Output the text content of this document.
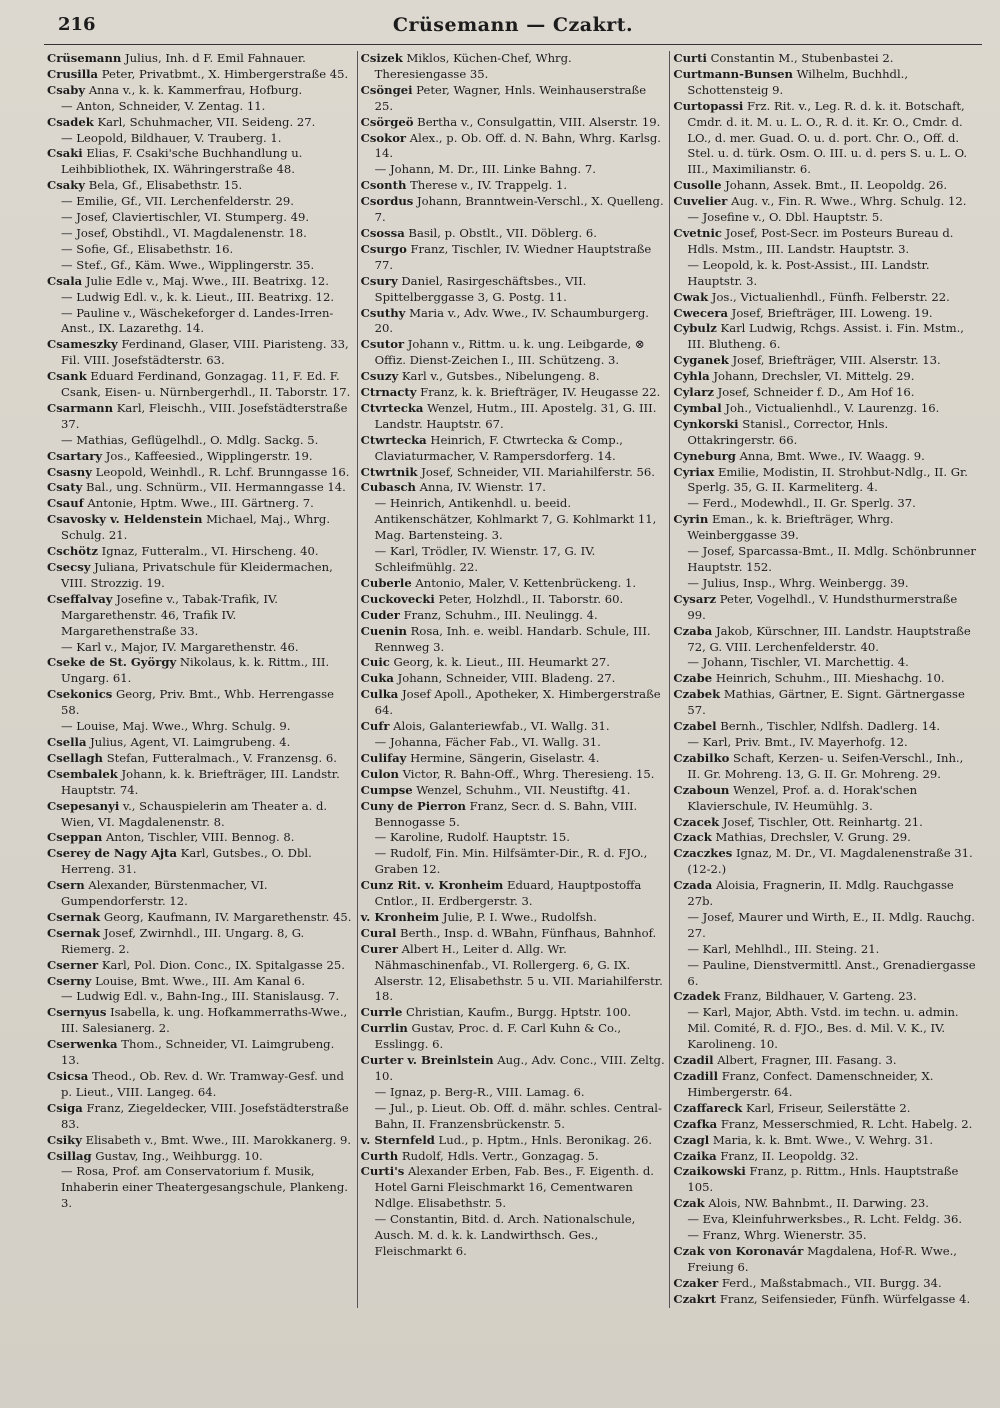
216	Crüsemann — Czakrt.

Crüsemann Julius, Inh. d F. Emil Fahnauer.

Crusilla Peter, Privatbmt., X. Himbergerstraße 45.

Csaby Anna v., k. k. Kammerfrau, Hofburg.

— Anton, Schneider, V. Zentag. 11.

Csadek Karl, Schuhmacher, VII. Seideng. 27.

— Leopold, Bildhauer, V. Trauberg. 1.

Csaki Elias, F. Csaki'sche Buchhandlung u. Leihbibliothek, IX. Währingerstraße 48.

Csaky Bela, Gf., Elisabethstr. 15.

— Emilie, Gf., VII. Lerchenfelderstr. 29.

— Josef, Claviertischler, VI. Stumperg. 49.

— Josef, Obstihdl., VI. Magdalenenstr. 18.

— Sofie, Gf., Elisabethstr. 16.

— Stef., Gf., Käm. Wwe., Wipplingerstr. 35.

Csala Julie Edle v., Maj. Wwe., III. Beatrixg. 12.

— Ludwig Edl. v., k. k. Lieut., III. Beatrixg. 12.

— Pauline v., Wäschekeforger d. Landes-Irren-Anst., IX. Lazarethg. 14.

Csameszky Ferdinand, Glaser, VIII. Piaristeng. 33, Fil. VIII. Josefstädterstr. 63.

Csank Eduard Ferdinand, Gonzagag. 11, F. Ed. F. Csank, Eisen- u. Nürnbergerhdl., II. Taborstr. 17.

Csarmann Karl, Fleischh., VIII. Josefstädterstraße 37.

— Mathias, Geflügelhdl., O. Mdlg. Sackg. 5.

Csartary Jos., Kaffeesied., Wipplingerstr. 19.

Csasny Leopold, Weinhdl., R. Lchf. Brunngasse 16.

Csaty Bal., ung. Schnürm., VII. Hermanngasse 14.

Csauf Antonie, Hptm. Wwe., III. Gärtnerg. 7.

Csavosky v. Heldenstein Michael, Maj., Whrg. Schulg. 21.

Cschötz Ignaz, Futteralm., VI. Hirscheng. 40.

Csecsy Juliana, Privatschule für Kleidermachen, VIII. Strozzig. 19.

Cseffalvay Josefine v., Tabak-Trafik, IV. Margarethenstr. 46, Trafik IV. Margarethenstraße 33.

— Karl v., Major, IV. Margarethenstr. 46.

Cseke de St. György Nikolaus, k. k. Rittm., III. Ungarg. 61.

Csekonics Georg, Priv. Bmt., Whb. Herrengasse 58.

— Louise, Maj. Wwe., Whrg. Schulg. 9.

Csella Julius, Agent, VI. Laimgrubeng. 4.

Csellagh Stefan, Futteralmach., V. Franzensg. 6.

Csembalek Johann, k. k. Briefträger, III. Landstr. Hauptstr. 74.

Csepesanyi v., Schauspielerin am Theater a. d. Wien, VI. Magdalenenstr. 8.

Cseppan Anton, Tischler, VIII. Bennog. 8.

Cserey de Nagy Ajta Karl, Gutsbes., O. Dbl. Herreng. 31.

Csern Alexander, Bürstenmacher, VI. Gumpendorferstr. 12.

Csernak Georg, Kaufmann, IV. Margarethenstr. 45.

Csernak Josef, Zwirnhdl., III. Ungarg. 8, G. Riemerg. 2.

Cserner Karl, Pol. Dion. Conc., IX. Spitalgasse 25.

Cserny Louise, Bmt. Wwe., III. Am Kanal 6.

— Ludwig Edl. v., Bahn-Ing., III. Stanislausg. 7.

Csernyus Isabella, k. ung. Hofkammerraths-Wwe., III. Salesianerg. 2.

Cserwenka Thom., Schneider, VI. Laimgrubeng. 13.

Csicsa Theod., Ob. Rev. d. Wr. Tramway-Gesf. und p. Lieut., VIII. Langeg. 64.

Csiga Franz, Ziegeldecker, VIII. Josefstädterstraße 83.

Csiky Elisabeth v., Bmt. Wwe., III. Marokkanerg. 9.

Csillag Gustav, Ing., Weihburgg. 10.

— Rosa, Prof. am Conservatorium f. Musik, Inhaberin einer Theatergesangschule, Plankeng. 3.

Csizek Miklos, Küchen-Chef, Whrg. Theresiengasse 35.

Csöngei Peter, Wagner, Hnls. Weinhauserstraße 25.

Csörgeö Bertha v., Consulgattin, VIII. Alserstr. 19.

Csokor Alex., p. Ob. Off. d. N. Bahn, Whrg. Karlsg. 14.

— Johann, M. Dr., III. Linke Bahng. 7.

Csonth Therese v., IV. Trappelg. 1.

Csordus Johann, Branntwein-Verschl., X. Quelleng. 7.

Csossa Basil, p. Obstlt., VII. Döblerg. 6.

Csurgo Franz, Tischler, IV. Wiedner Hauptstraße 77.

Csury Daniel, Rasirgeschäftsbes., VII. Spittelberggasse 3, G. Postg. 11.

Csuthy Maria v., Adv. Wwe., IV. Schaumburgerg. 20.

Csutor Johann v., Rittm. u. k. ung. Leibgarde, ⊗ Offiz. Dienst-Zeichen I., III. Schützeng. 3.

Csuzy Karl v., Gutsbes., Nibelungeng. 8.

Ctrnacty Franz, k. k. Briefträger, IV. Heugasse 22.

Ctvrtecka Wenzel, Hutm., III. Apostelg. 31, G. III. Landstr. Hauptstr. 67.

Ctwrtecka Heinrich, F. Ctwrtecka & Comp., Claviaturmacher, V. Rampersdorferg. 14.

Ctwrtnik Josef, Schneider, VII. Mariahilferstr. 56.

Cubasch Anna, IV. Wienstr. 17.

— Heinrich, Antikenhdl. u. beeid. Antikenschätzer, Kohlmarkt 7, G. Kohlmarkt 11, Mag. Bartensteing. 3.

— Karl, Trödler, IV. Wienstr. 17, G. IV. Schleifmühlg. 22.

Cuberle Antonio, Maler, V. Kettenbrückeng. 1.

Cuckovecki Peter, Holzhdl., II. Taborstr. 60.

Cuder Franz, Schuhm., III. Neulingg. 4.

Cuenin Rosa, Inh. e. weibl. Handarb. Schule, III. Rennweg 3.

Cuic Georg, k. k. Lieut., III. Heumarkt 27.

Cuka Johann, Schneider, VIII. Bladeng. 27.

Culka Josef Apoll., Apotheker, X. Himbergerstraße 64.

Cufr Alois, Galanteriewfab., VI. Wallg. 31.

— Johanna, Fächer Fab., VI. Wallg. 31.

Culifay Hermine, Sängerin, Giselastr. 4.

Culon Victor, R. Bahn-Off., Whrg. Theresieng. 15.

Cumpse Wenzel, Schuhm., VII. Neustiftg. 41.

Cuny de Pierron Franz, Secr. d. S. Bahn, VIII. Bennogasse 5.

— Karoline, Rudolf. Hauptstr. 15.

— Rudolf, Fin. Min. Hilfsämter-Dir., R. d. FJO., Graben 12.

Cunz Rit. v. Kronheim Eduard, Hauptpostoffa Cntlor., II. Erdbergerstr. 3.

v. Kronheim Julie, P. I. Wwe., Rudolfsh.

Cural Berth., Insp. d. WBahn, Fünfhaus, Bahnhof.

Curer Albert H., Leiter d. Allg. Wr. Nähmaschinenfab., VI. Rollergerg. 6, G. IX. Alserstr. 12, Elisabethstr. 5 u. VII. Mariahilferstr. 18.

Currle Christian, Kaufm., Burgg. Hptstr. 100.

Currlin Gustav, Proc. d. F. Carl Kuhn & Co., Esslingg. 6.

Curter v. Breinlstein Aug., Adv. Conc., VIII. Zeltg. 10.

— Ignaz, p. Berg-R., VIII. Lamag. 6.

— Jul., p. Lieut. Ob. Off. d. mähr. schles. Central-Bahn, II. Franzensbrückenstr. 5.

v. Sternfeld Lud., p. Hptm., Hnls. Beronikag. 26.

Curth Rudolf, Hdls. Vertr., Gonzagag. 5.

Curti's Alexander Erben, Fab. Bes., F. Eigenth. d. Hotel Garni Fleischmarkt 16, Cementwaren Ndlge. Elisabethstr. 5.

— Constantin, Bitd. d. Arch. Nationalschule, Ausch. M. d. k. k. Landwirthsch. Ges., Fleischmarkt 6.

Curti Constantin M., Stubenbastei 2.

Curtmann-Bunsen Wilhelm, Buchhdl., Schottensteig 9.

Curtopassi Frz. Rit. v., Leg. R. d. k. it. Botschaft, Cmdr. d. it. M. u. L. O., R. d. it. Kr. O., Cmdr. d. LO., d. mer. Guad. O. u. d. port. Chr. O., Off. d. Stel. u. d. türk. Osm. O. III. u. d. pers S. u. L. O. III., Maximilianstr. 6.

Cusolle Johann, Assek. Bmt., II. Leopoldg. 26.

Cuvelier Aug. v., Fin. R. Wwe., Whrg. Schulg. 12.

— Josefine v., O. Dbl. Hauptstr. 5.

Cvetnic Josef, Post-Secr. im Posteurs Bureau d. Hdls. Mstm., III. Landstr. Hauptstr. 3.

— Leopold, k. k. Post-Assist., III. Landstr. Hauptstr. 3.

Cwak Jos., Victualienhdl., Fünfh. Felberstr. 22.

Cwecera Josef, Briefträger, III. Loweng. 19.

Cybulz Karl Ludwig, Rchgs. Assist. i. Fin. Mstm., III. Blutheng. 6.

Cyganek Josef, Briefträger, VIII. Alserstr. 13.

Cyhla Johann, Drechsler, VI. Mittelg. 29.

Cylarz Josef, Schneider f. D., Am Hof 16.

Cymbal Joh., Victualienhdl., V. Laurenzg. 16.

Cynkorski Stanisl., Corrector, Hnls. Ottakringerstr. 66.

Cyneburg Anna, Bmt. Wwe., IV. Waagg. 9.

Cyriax Emilie, Modistin, II. Strohbut-Ndlg., II. Gr. Sperlg. 35, G. II. Karmeliterg. 4.

— Ferd., Modewhdl., II. Gr. Sperlg. 37.

Cyrin Eman., k. k. Briefträger, Whrg. Weinberggasse 39.

— Josef, Sparcassa-Bmt., II. Mdlg. Schönbrunner Hauptstr. 152.

— Julius, Insp., Whrg. Weinbergg. 39.

Cysarz Peter, Vogelhdl., V. Hundsthurmerstraße 99.

Czaba Jakob, Kürschner, III. Landstr. Hauptstraße 72, G. VIII. Lerchenfelderstr. 40.

— Johann, Tischler, VI. Marchettig. 4.

Czabe Heinrich, Schuhm., III. Mieshachg. 10.

Czabek Mathias, Gärtner, E. Signt. Gärtnergasse 57.

Czabel Bernh., Tischler, Ndlfsh. Dadlerg. 14.

— Karl, Priv. Bmt., IV. Mayerhofg. 12.

Czabilko Schaft, Kerzen- u. Seifen-Verschl., Inh., II. Gr. Mohreng. 13, G. II. Gr. Mohreng. 29.

Czaboun Wenzel, Prof. a. d. Horak'schen Klavierschule, IV. Heumühlg. 3.

Czacek Josef, Tischler, Ott. Reinhartg. 21.

Czack Mathias, Drechsler, V. Grung. 29.

Czaczkes Ignaz, M. Dr., VI. Magdalenenstraße 31. (12-2.)

Czada Aloisia, Fragnerin, II. Mdlg. Rauchgasse 27b.

— Josef, Maurer und Wirth, E., II. Mdlg. Rauchg. 27.

— Karl, Mehlhdl., III. Steing. 21.

— Pauline, Dienstvermittl. Anst., Grenadiergasse 6.

Czadek Franz, Bildhauer, V. Garteng. 23.

— Karl, Major, Abth. Vstd. im techn. u. admin. Mil. Comité, R. d. FJO., Bes. d. Mil. V. K., IV. Karolineng. 10.

Czadil Albert, Fragner, III. Fasang. 3.

Czadill Franz, Confect. Damenschneider, X. Himbergerstr. 64.

Czaffareck Karl, Friseur, Seilerstätte 2.

Czafka Franz, Messerschmied, R. Lcht. Habelg. 2.

Czagl Maria, k. k. Bmt. Wwe., V. Wehrg. 31.

Czaika Franz, II. Leopoldg. 32.

Czaikowski Franz, p. Rittm., Hnls. Hauptstraße 105.

Czak Alois, NW. Bahnbmt., II. Darwing. 23.

— Eva, Kleinfuhrwerksbes., R. Lcht. Feldg. 36.

— Franz, Whrg. Wienerstr. 35.

Czak von Koronavár Magdalena, Hof-R. Wwe., Freiung 6.

Czaker Ferd., Maßstabmach., VII. Burgg. 34.

Czakrt Franz, Seifensieder, Fünfh. Würfelgasse 4.
